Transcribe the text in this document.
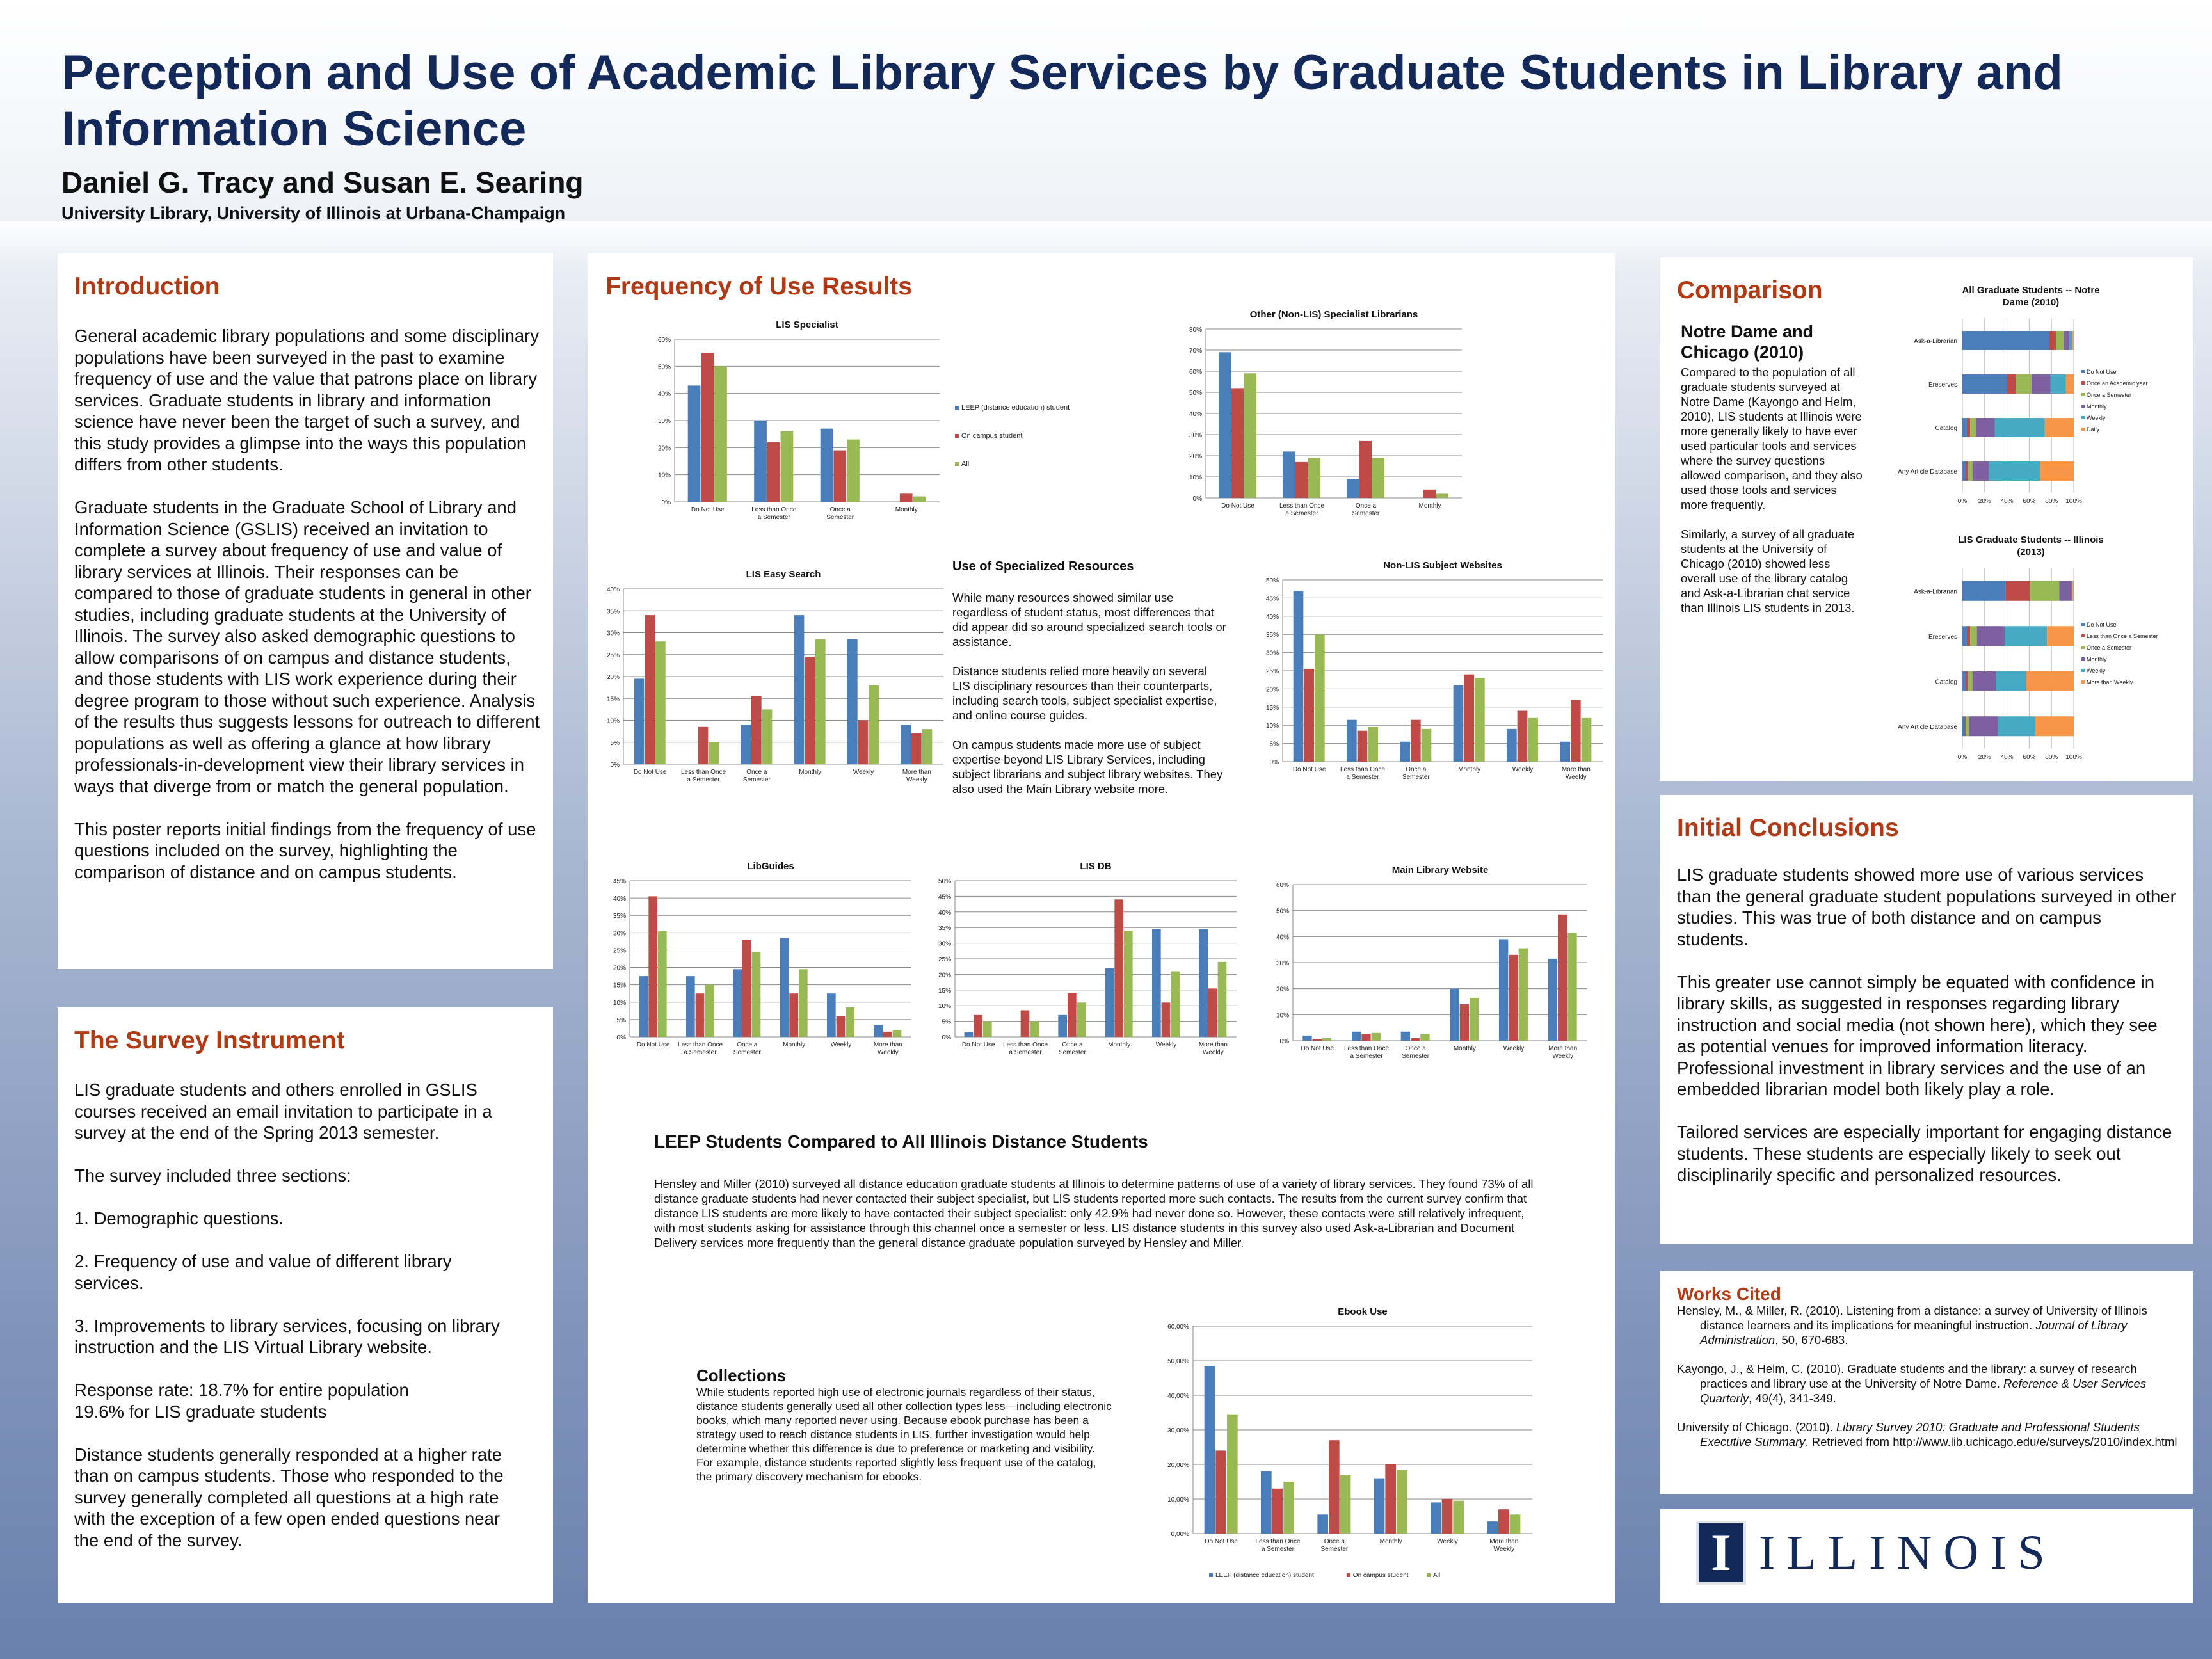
Perception and Use of Academic Library Services by Graduate Students in Library and Information Science
Daniel G. Tracy and Susan E. Searing
University Library, University of Illinois at Urbana-Champaign
Introduction
General academic library populations and some disciplinary populations have been surveyed in the past to examine frequency of use and the value that patrons place on library services. Graduate students in library and information science have never been the target of such a survey, and this study provides a glimpse into the ways this population differs from other students.

Graduate students in the Graduate School of Library and Information Science (GSLIS) received an invitation to complete a survey about frequency of use and value of library services at Illinois. Their responses can be compared to those of graduate students in general in other studies, including graduate students at the University of Illinois. The survey also asked demographic questions to allow comparisons of on campus and distance students, and those students with LIS work experience during their degree program to those without such experience. Analysis of the results thus suggests lessons for outreach to different populations as well as offering a glance at how library professionals-in-development view their library services in ways that diverge from or match the general population.

This poster reports initial findings from the frequency of use questions included on the survey, highlighting the comparison of distance and on campus students.
The Survey Instrument
LIS graduate students and others enrolled in GSLIS courses received an email invitation to participate in a survey at the end of the Spring 2013 semester.

The survey included three sections:

1. Demographic questions.

2. Frequency of use and value of different library
services.

3. Improvements to library services, focusing on library
instruction and the LIS Virtual Library website.

Response rate: 18.7% for entire population
19.6% for LIS graduate students

Distance students generally responded at a higher rate
than on campus students. Those who responded to the
survey generally completed all questions at a high rate
with the exception of a few open ended questions near
the end of the survey.
Frequency of Use Results
LIS Specialist
0%
10%
20%
30%
40%
50%
60%
Do Not Use	Less than Once
a Semester
Once a
Semester
Monthly
LEEP (distance education) student
On campus student
All
Other (Non-LIS) Specialist Librarians
0%
10%
20%
30%
40%
50%
60%
70%
80%
Do Not Use	Less than Once
a Semester
Once a
Semester
Monthly
LIS Easy Search
0%
5%
10%
15%
20%
25%
30%
35%
40%
Do Not Use Less than Once
a Semester
Once a
Semester
Monthly	Weekly	More than
Weekly
Non-LIS Subject Websites
0%
5%
10%
15%
20%
25%
30%
35%
40%
45%
50%
Do Not Use Less than Once
a Semester
Once a
Semester
Monthly	Weekly	More than
Weekly
LibGuides
0%
5%
10%
15%
20%
25%
30%
35%
40%
45%
Do Not Use Less than Once
a Semester
Once a
Semester
Monthly	Weekly	More than
Weekly
LIS DB
0%
5%
10%
15%
20%
25%
30%
35%
40%
45%
50%
Do Not Use Less than Once
a Semester
Once a
Semester
Monthly	Weekly	More than
Weekly
Main Library Website
0%
10%
20%
30%
40%
50%
60%
Do Not Use Less than Once
a Semester
Once a
Semester
Monthly	Weekly	More than
Weekly
Ebook Use
0,00%
10,00%
20,00%
30,00%
40,00%
50,00%
60,00%
Do Not Use	Less than Once
a Semester
Once a
Semester
Monthly	Weekly	More than
Weekly
LEEP (distance education) student	On campus student	All
Use of Specialized Resources
While many resources showed similar use regardless of student status, most differences that did appear did so around specialized search tools or assistance.

Distance students relied more heavily on several LIS disciplinary resources than their counterparts, including search tools, subject specialist expertise, and online course guides.

On campus students made more use of subject expertise beyond LIS Library Services, including subject librarians and subject library websites. They also used the Main Library website more.
LEEP Students Compared to All Illinois Distance Students
Hensley and Miller (2010) surveyed all distance education graduate students at Illinois to determine patterns of use of a variety of library services. They found 73% of all distance graduate students had never contacted their subject specialist, but LIS students reported more such contacts. The results from the current survey confirm that distance LIS students are more likely to have contacted their subject specialist: only 42.9% had never done so. However, these contacts were still relatively infrequent, with most students asking for assistance through this channel once a semester or less. LIS distance students in this survey also used Ask-a-Librarian and Document Delivery services more frequently than the general distance graduate population surveyed by Hensley and Miller.
Collections
While students reported high use of electronic journals regardless of their status, distance students generally used all other collection types less—including electronic books, which many reported never using. Because ebook purchase has been a strategy used to reach distance students in LIS, further investigation would help determine whether this difference is due to preference or marketing and visibility. For example, distance students reported slightly less frequent use of the catalog, the primary discovery mechanism for ebooks.
Comparison
Notre Dame and
Chicago (2010)
Compared to the population of all graduate students surveyed at Notre Dame (Kayongo and Helm, 2010), LIS students at Illinois were more generally likely to have ever used particular tools and services where the survey questions allowed comparison, and they also used those tools and services more frequently.

Similarly, a survey of all graduate students at the University of Chicago (2010) showed less overall use of the library catalog and Ask-a-Librarian chat service than Illinois LIS students in 2013.
All Graduate Students -- Notre
Dame (2010)
0% 20% 40% 60% 80% 100%
Ask-a-Librarian
Ereserves
Catalog
Any Article Database
Do Not Use
Once an Academic year
Once a Semester
Monthly
Weekly
Daily
LIS Graduate Students -- Illinois
(2013)
0% 20% 40% 60% 80% 100%
Ask-a-Librarian
Ereserves
Catalog
Any Article Database
Do Not Use
Less than Once a Semester
Once a Semester
Monthly
Weekly
More than Weekly
Initial Conclusions
LIS graduate students showed more use of various services than the general graduate student populations surveyed in other studies. This was true of both distance and on campus students.

This greater use cannot simply be equated with confidence in library skills, as suggested in responses regarding library instruction and social media (not shown here), which they see as potential venues for improved information literacy. Professional investment in library services and the use of an embedded librarian model both likely play a role.

Tailored services are especially important for engaging distance students. These students are especially likely to seek out disciplinarily specific and personalized resources.
Works Cited

Hensley, M., & Miller, R. (2010). Listening from a distance: a survey of University of Illinois distance learners and its implications for meaningful instruction. Journal of Library Administration, 50, 670-683.

Kayongo, J., & Helm, C. (2010). Graduate students and the library: a survey of research practices and library use at the University of Notre Dame. Reference & User Services Quarterly, 49(4), 341-349.

University of Chicago. (2010). Library Survey 2010: Graduate and Professional Students Executive Summary. Retrieved from http://www.lib.uchicago.edu/e/surveys/2010/index.html

I ILLINOIS
